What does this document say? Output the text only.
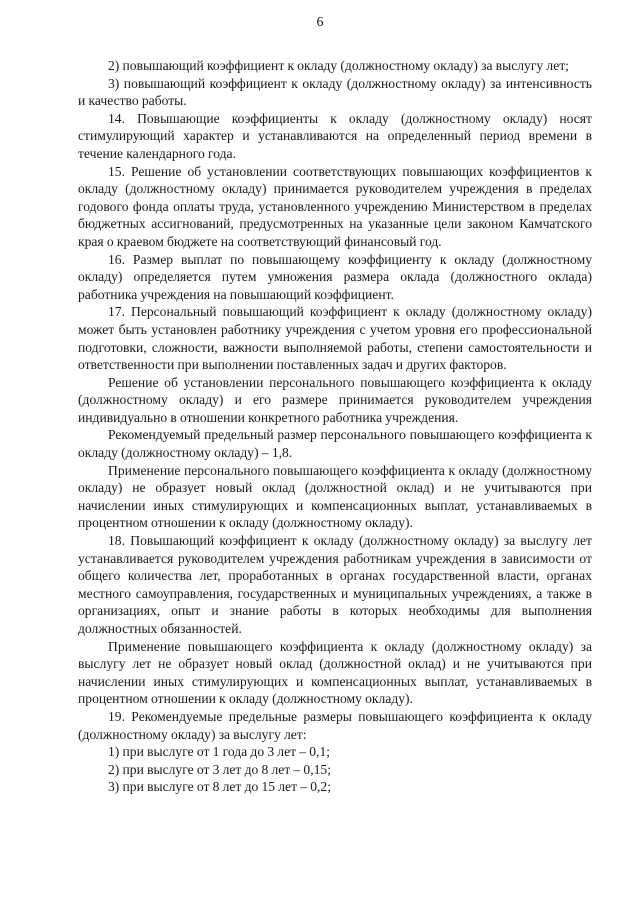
6

2) повышающий коэффициент к окладу (должностному окладу) за выслугу лет;

3) повышающий коэффициент к окладу (должностному окладу) за интенсивность и качество работы.

14. Повышающие коэффициенты к окладу (должностному окладу) носят стимулирующий характер и устанавливаются на определенный период времени в течение календарного года.

15. Решение об установлении соответствующих повышающих коэффициентов к окладу (должностному окладу) принимается руководителем учреждения в пределах годового фонда оплаты труда, установленного учреждению Министерством в пределах бюджетных ассигнований, предусмотренных на указанные цели законом Камчатского края о краевом бюджете на соответствующий финансовый год.

16. Размер выплат по повышающему коэффициенту к окладу (должностному окладу) определяется путем умножения размера оклада (должностного оклада) работника учреждения на повышающий коэффициент.

17. Персональный повышающий коэффициент к окладу (должностному окладу) может быть установлен работнику учреждения с учетом уровня его профессиональной подготовки, сложности, важности выполняемой работы, степени самостоятельности и ответственности при выполнении поставленных задач и других факторов.

Решение об установлении персонального повышающего коэффициента к окладу (должностному окладу) и его размере принимается руководителем учреждения индивидуально в отношении конкретного работника учреждения.

Рекомендуемый предельный размер персонального повышающего коэффициента к окладу (должностному окладу) – 1,8.

Применение персонального повышающего коэффициента к окладу (должностному окладу) не образует новый оклад (должностной оклад) и не учитываются при начислении иных стимулирующих и компенсационных выплат, устанавливаемых в процентном отношении к окладу (должностному окладу).

18. Повышающий коэффициент к окладу (должностному окладу) за выслугу лет устанавливается руководителем учреждения работникам учреждения в зависимости от общего количества лет, проработанных в органах государственной власти, органах местного самоуправления, государственных и муниципальных учреждениях, а также в организациях, опыт и знание работы в которых необходимы для выполнения должностных обязанностей.

Применение повышающего коэффициента к окладу (должностному окладу) за выслугу лет не образует новый оклад (должностной оклад) и не учитываются при начислении иных стимулирующих и компенсационных выплат, устанавливаемых в процентном отношении к окладу (должностному окладу).

19. Рекомендуемые предельные размеры повышающего коэффициента к окладу (должностному окладу) за выслугу лет:

1) при выслуге от 1 года до 3 лет – 0,1;

2) при выслуге от 3 лет до 8 лет – 0,15;

3) при выслуге от 8 лет до 15 лет – 0,2;
